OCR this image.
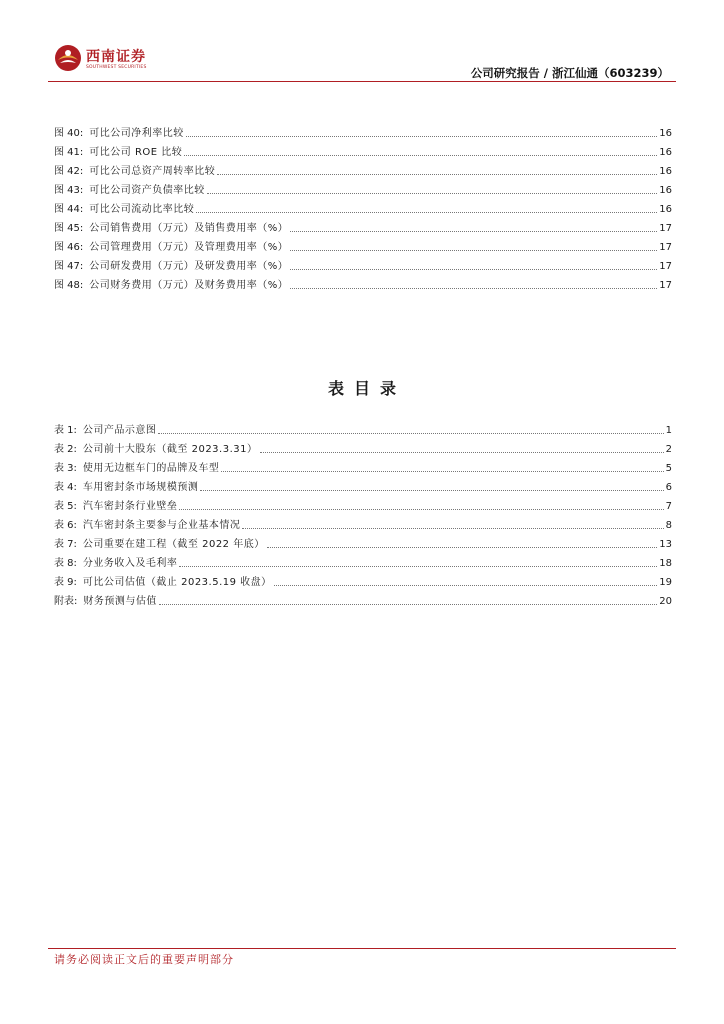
西南证券
SOUTHWEST SECURITIES	公司研究报告 / 浙江仙通（603239）
图 40 : 可比公司净利率比较	16
图 41 : 可比公司 ROE 比较	16
图 42 : 可比公司总资产周转率比较	16
图 43 : 可比公司资产负债率比较	16
图 44 : 可比公司流动比率比较	16
图 45 : 公司销售费用（万元）及销售费用率（%）	17
图 46 : 公司管理费用（万元）及管理费用率（%）	17
图 47 : 公司研发费用（万元）及研发费用率（%）	17
图 48 : 公司财务费用（万元）及财务费用率（%）	17
表目录
表 1 : 公司产品示意图	1
表 2 : 公司前十大股东（截至 2023.3.31）	2
表 3 : 使用无边框车门的品牌及车型	5
表 4 : 车用密封条市场规模预测	6
表 5 : 汽车密封条行业壁垒	7
表 6 : 汽车密封条主要参与企业基本情况	8
表 7 : 公司重要在建工程（截至 2022 年底）	13
表 8 : 分业务收入及毛利率	18
表 9 : 可比公司估值（截止 2023.5.19 收盘）	19
附表 : 财务预测与估值	20
请务必阅读正文后的重要声明部分
